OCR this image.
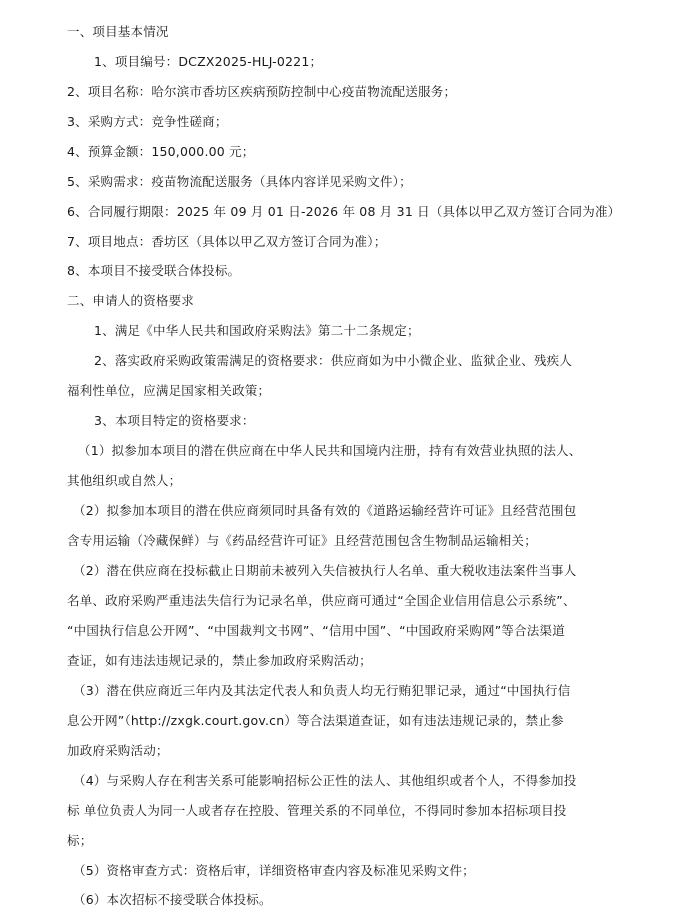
一、项目基本情况
1、项目编号：DCZX2025-HLJ-0221；
2、项目名称：哈尔滨市香坊区疾病预防控制中心疫苗物流配送服务；
3、采购方式：竞争性磋商；
4、预算金额：150,000.00 元；
5、采购需求：疫苗物流配送服务（具体内容详见采购文件）；
6、合同履行期限：2025 年 09 月 01 日-2026 年 08 月 31 日（具体以甲乙双方签订合同为准）
7、项目地点：香坊区（具体以甲乙双方签订合同为准）；
8、本项目不接受联合体投标。
二、申请人的资格要求
1、满足《中华人民共和国政府采购法》第二十二条规定；
2、落实政府采购政策需满足的资格要求：供应商如为中小微企业、监狱企业、残疾人
福利性单位，应满足国家相关政策；
3、本项目特定的资格要求：
（1）拟参加本项目的潜在供应商在中华人民共和国境内注册，持有有效营业执照的法人、
其他组织或自然人；
（2）拟参加本项目的潜在供应商须同时具备有效的《道路运输经营许可证》且经营范围包
含专用运输（冷藏保鲜）与《药品经营许可证》且经营范围包含生物制品运输相关；
（2）潜在供应商在投标截止日期前未被列入失信被执行人名单、重大税收违法案件当事人
名单、政府采购严重违法失信行为记录名单，供应商可通过“全国企业信用信息公示系统”、
“中国执行信息公开网”、“中国裁判文书网”、“信用中国”、“中国政府采购网”等合法渠道
查证，如有违法违规记录的，禁止参加政府采购活动；
（3）潜在供应商近三年内及其法定代表人和负责人均无行贿犯罪记录，通过“中国执行信
息公开网”（http://zxgk.court.gov.cn）等合法渠道查证，如有违法违规记录的，禁止参
加政府采购活动；
（4）与采购人存在利害关系可能影响招标公正性的法人、其他组织或者个人，不得参加投
标 单位负责人为同一人或者存在控股、管理关系的不同单位，不得同时参加本招标项目投
标；
（5）资格审查方式：资格后审，详细资格审查内容及标准见采购文件；
（6）本次招标不接受联合体投标。
